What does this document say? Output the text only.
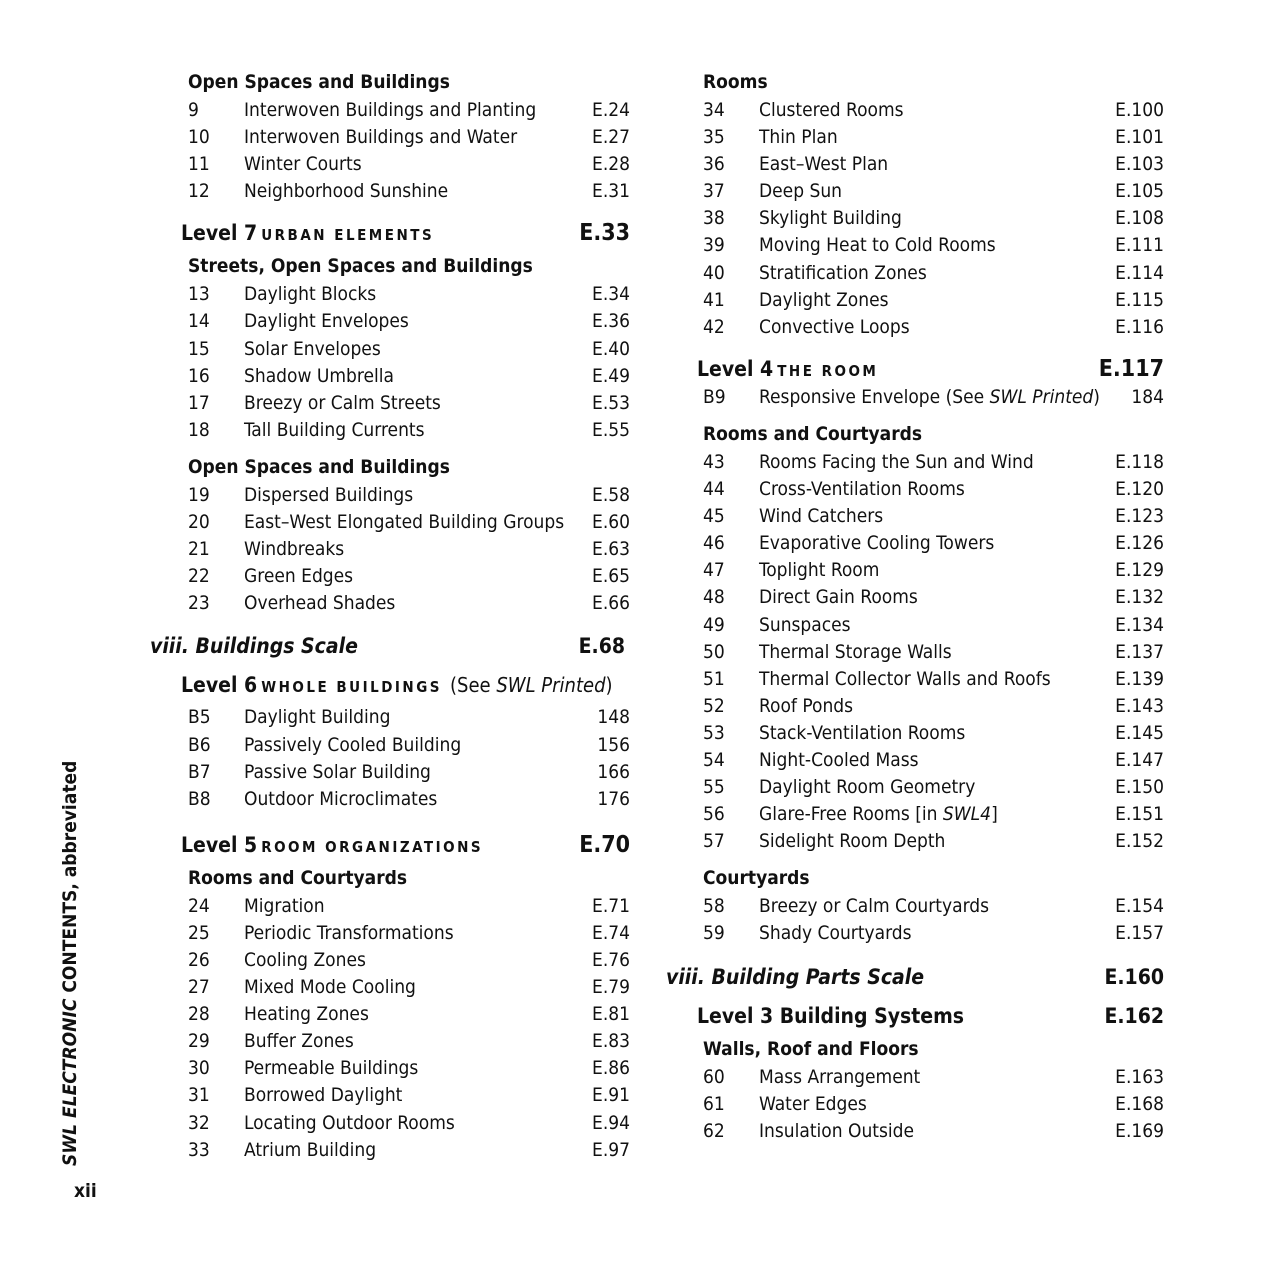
Open Spaces and Buildings
9 Interwoven Buildings and Planting	E.24
10 Interwoven Buildings and Water	E.27
11 Winter Courts	E.28
12 Neighborhood Sunshine	E.31
Level 7 URBAN ELEMENTS	E.33
Streets, Open Spaces and Buildings
13 Daylight Blocks	E.34
14 Daylight Envelopes	E.36
15 Solar Envelopes	E.40
16 Shadow Umbrella	E.49
17 Breezy or Calm Streets	E.53
18 Tall Building Currents	E.55
Open Spaces and Buildings
19 Dispersed Buildings	E.58
20 East–West Elongated Building Groups E.60
21 Windbreaks	E.63
22 Green Edges	E.65
23 Overhead Shades	E.66
viii. Buildings Scale	E.68
Level 6 WHOLE BUILDINGS (See SWL Printed)
B5 Daylight Building	148
B6 Passively Cooled Building	156
B7 Passive Solar Building	166
B8 Outdoor Microclimates	176
Level 5 ROOM ORGANIZATIONS	E.70
Rooms and Courtyards
24 Migration	E.71
25 Periodic Transformations	E.74
26 Cooling Zones	E.76
27 Mixed Mode Cooling	E.79
28 Heating Zones	E.81
29 Buffer Zones	E.83
30 Permeable Buildings	E.86
31 Borrowed Daylight	E.91
32 Locating Outdoor Rooms	E.94
33 Atrium Building	E.97
Rooms
34 Clustered Rooms	E.100
35 Thin Plan	E.101
36 East–West Plan	E.103
37 Deep Sun	E.105
38 Skylight Building	E.108
39 Moving Heat to Cold Rooms	E.111
40 Stratification Zones	E.114
41 Daylight Zones	E.115
42 Convective Loops	E.116
Level 4 THE ROOM	E.117
B9 Responsive Envelope (See SWL Printed) 184
Rooms and Courtyards
43 Rooms Facing the Sun and Wind	E.118
44 Cross-Ventilation Rooms	E.120
45 Wind Catchers	E.123
46 Evaporative Cooling Towers	E.126
47 Toplight Room	E.129
48 Direct Gain Rooms	E.132
49 Sunspaces	E.134
50 Thermal Storage Walls	E.137
51 Thermal Collector Walls and Roofs	E.139
52 Roof Ponds	E.143
53 Stack-Ventilation Rooms	E.145
54 Night-Cooled Mass	E.147
55 Daylight Room Geometry	E.150
56 Glare-Free Rooms [in SWL4]	E.151
57 Sidelight Room Depth	E.152
Courtyards
58 Breezy or Calm Courtyards	E.154
59 Shady Courtyards	E.157
viii. Building Parts Scale	E.160
Level 3 Building Systems	E.162
Walls, Roof and Floors
60 Mass Arrangement	E.163
61 Water Edges	E.168
62 Insulation Outside	E.169
SWL ELECTRONIC CONTENTS, abbreviated
xii
